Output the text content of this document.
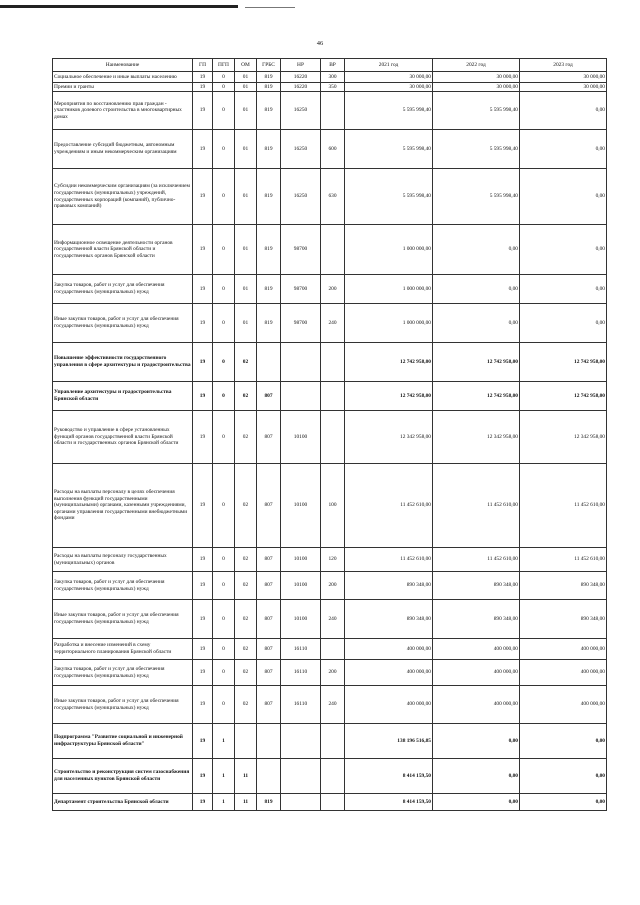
46
Наименование	ГП	ПГП	ОМ	ГРБС	НР	ВР	2021 год	2022 год	2023 год
Социальное обеспечение и иные выплаты населению	19	0	01	819	16220	300	30 000,00	30 000,00	30 000,00
Премии и гранты	19	0	01	819	16220	350	30 000,00	30 000,00	30 000,00
Мероприятия по восстановлению прав граждан - участников долевого строительства в многоквартирных домах	19	0	01	819	16250		5 595 998,40	5 595 998,40	0,00
Предоставление субсидий бюджетным, автономным учреждениям и иным некоммерческим организациям	19	0	01	819	16250	600	5 595 998,40	5 595 998,40	0,00
Субсидии некоммерческим организациям (за исключением государственных (муниципальных) учреждений, государственных корпораций (компаний), публично-правовых компаний)	19	0	01	819	16250	630	5 595 998,40	5 595 998,40	0,00
Информационное освещение деятельности органов государственной власти Брянской области и государственных органов Брянской области	19	0	01	819	98700		1 000 000,00	0,00	0,00
Закупка товаров, работ и услуг для обеспечения государственных (муниципальных) нужд	19	0	01	819	98700	200	1 000 000,00	0,00	0,00
Иные закупки товаров, работ и услуг для обеспечения государственных (муниципальных) нужд	19	0	01	819	98700	240	1 000 000,00	0,00	0,00
Повышение эффективности государственного управления в сфере архитектуры и градостроительства	19	0	02				12 742 958,00	12 742 958,00	12 742 958,00
Управление архитектуры и градостроительства Брянской области	19	0	02	807			12 742 958,00	12 742 958,00	12 742 958,00
Руководство и управление в сфере установленных функций органов государственной власти Брянской области и государственных органов Брянской области	19	0	02	807	10100		12 342 958,00	12 342 958,00	12 342 958,00
Расходы на выплаты персоналу в целях обеспечения выполнения функций государственными (муниципальными) органами, казенными учреждениями, органами управления государственными внебюджетными фондами	19	0	02	807	10100	100	11 452 610,00	11 452 610,00	11 452 610,00
Расходы на выплаты персоналу государственных (муниципальных) органов	19	0	02	807	10100	120	11 452 610,00	11 452 610,00	11 452 610,00
Закупка товаров, работ и услуг для обеспечения государственных (муниципальных) нужд	19	0	02	807	10100	200	890 348,00	890 348,00	890 348,00
Иные закупки товаров, работ и услуг для обеспечения государственных (муниципальных) нужд	19	0	02	807	10100	240	890 348,00	890 348,00	890 348,00
Разработка и внесение изменений в схему территориального планирования Брянской области	19	0	02	807	16110		400 000,00	400 000,00	400 000,00
Закупка товаров, работ и услуг для обеспечения государственных (муниципальных) нужд	19	0	02	807	16110	200	400 000,00	400 000,00	400 000,00
Иные закупки товаров, работ и услуг для обеспечения государственных (муниципальных) нужд	19	0	02	807	16110	240	400 000,00	400 000,00	400 000,00
Подпрограмма "Развитие социальной и инженерной инфраструктуры Брянской области"	19	1					138 196 516,85	0,00	0,00
Строительство и реконструкция систем газоснабжения для населенных пунктов Брянской области	19	1	11				8 414 159,50	0,00	0,00
Департамент строительства Брянской области	19	1	11	819			8 414 159,50	0,00	0,00
